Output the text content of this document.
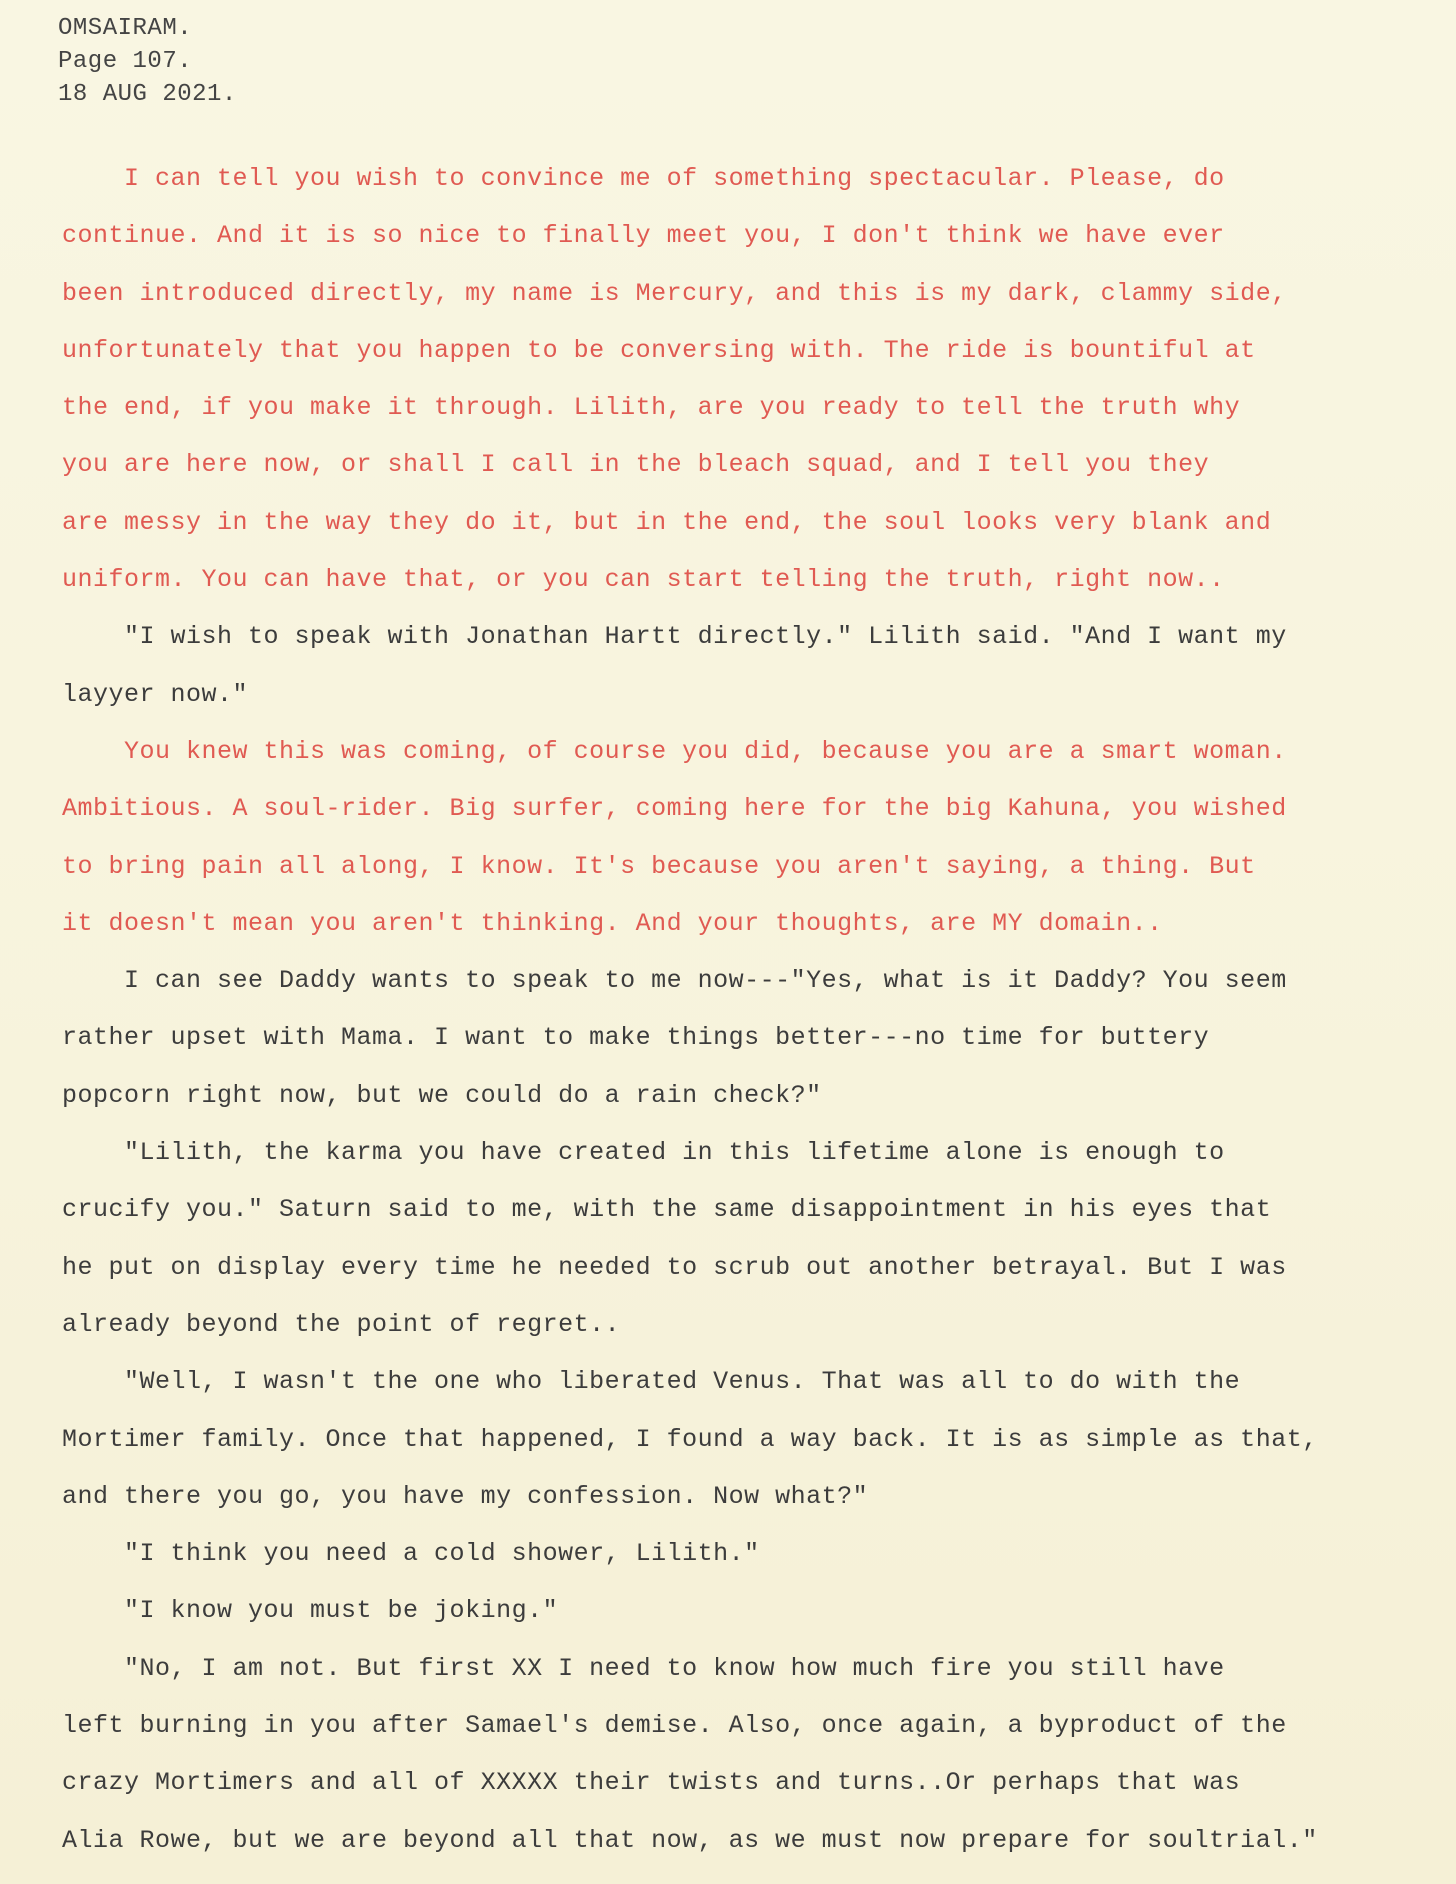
OMSAIRAM.
Page 107.
18 AUG 2021.
I can tell you wish to convince me of something spectacular. Please, do
continue. And it is so nice to finally meet you, I don't think we have ever
been introduced directly, my name is Mercury, and this is my dark, clammy side,
unfortunately that you happen to be conversing with. The ride is bountiful at
the end, if you make it through. Lilith, are you ready to tell the truth why
you are here now, or shall I call in the bleach squad, and I tell you they
are messy in the way they do it, but in the end, the soul looks very blank and
uniform. You can have that, or you can start telling the truth, right now..
"I wish to speak with Jonathan Hartt directly." Lilith said. "And I want my
layyer now."
You knew this was coming, of course you did, because you are a smart woman.
Ambitious. A soul-rider. Big surfer, coming here for the big Kahuna, you wished
to bring pain all along, I know. It's because you aren't saying, a thing. But
it doesn't mean you aren't thinking. And your thoughts, are MY domain..
I can see Daddy wants to speak to me now---"Yes, what is it Daddy? You seem
rather upset with Mama. I want to make things better---no time for buttery
popcorn right now, but we could do a rain check?"
"Lilith, the karma you have created in this lifetime alone is enough to
crucify you." Saturn said to me, with the same disappointment in his eyes that
he put on display every time he needed to scrub out another betrayal. But I was
already beyond the point of regret..
"Well, I wasn't the one who liberated Venus. That was all to do with the
Mortimer family. Once that happened, I found a way back. It is as simple as that,
and there you go, you have my confession. Now what?"
"I think you need a cold shower, Lilith."
"I know you must be joking."
"No, I am not. But first XX I need to know how much fire you still have
left burning in you after Samael's demise. Also, once again, a byproduct of the
crazy Mortimers and all of XXXXX their twists and turns..Or perhaps that was
Alia Rowe, but we are beyond all that now, as we must now prepare for soultrial."
